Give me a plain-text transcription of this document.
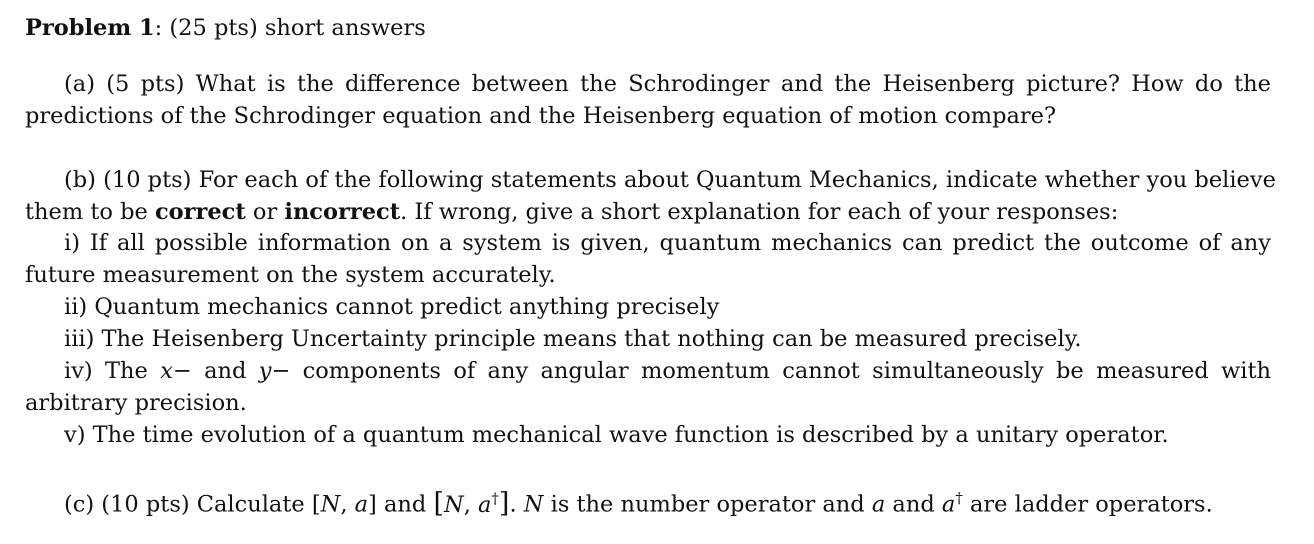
Problem 1: (25 pts) short answers
(a) (5 pts) What is the difference between the Schrodinger and the Heisenberg picture? How do the
predictions of the Schrodinger equation and the Heisenberg equation of motion compare?
(b) (10 pts) For each of the following statements about Quantum Mechanics, indicate whether you believe
them to be correct or incorrect. If wrong, give a short explanation for each of your responses:
i) If all possible information on a system is given, quantum mechanics can predict the outcome of any
future measurement on the system accurately.
ii) Quantum mechanics cannot predict anything precisely
iii) The Heisenberg Uncertainty principle means that nothing can be measured precisely.
iv) The x− and y− components of any angular momentum cannot simultaneously be measured with
arbitrary precision.
v) The time evolution of a quantum mechanical wave function is described by a unitary operator.
(c) (10 pts) Calculate [N, a] and [N, a†]. N is the number operator and a and a† are ladder operators.
